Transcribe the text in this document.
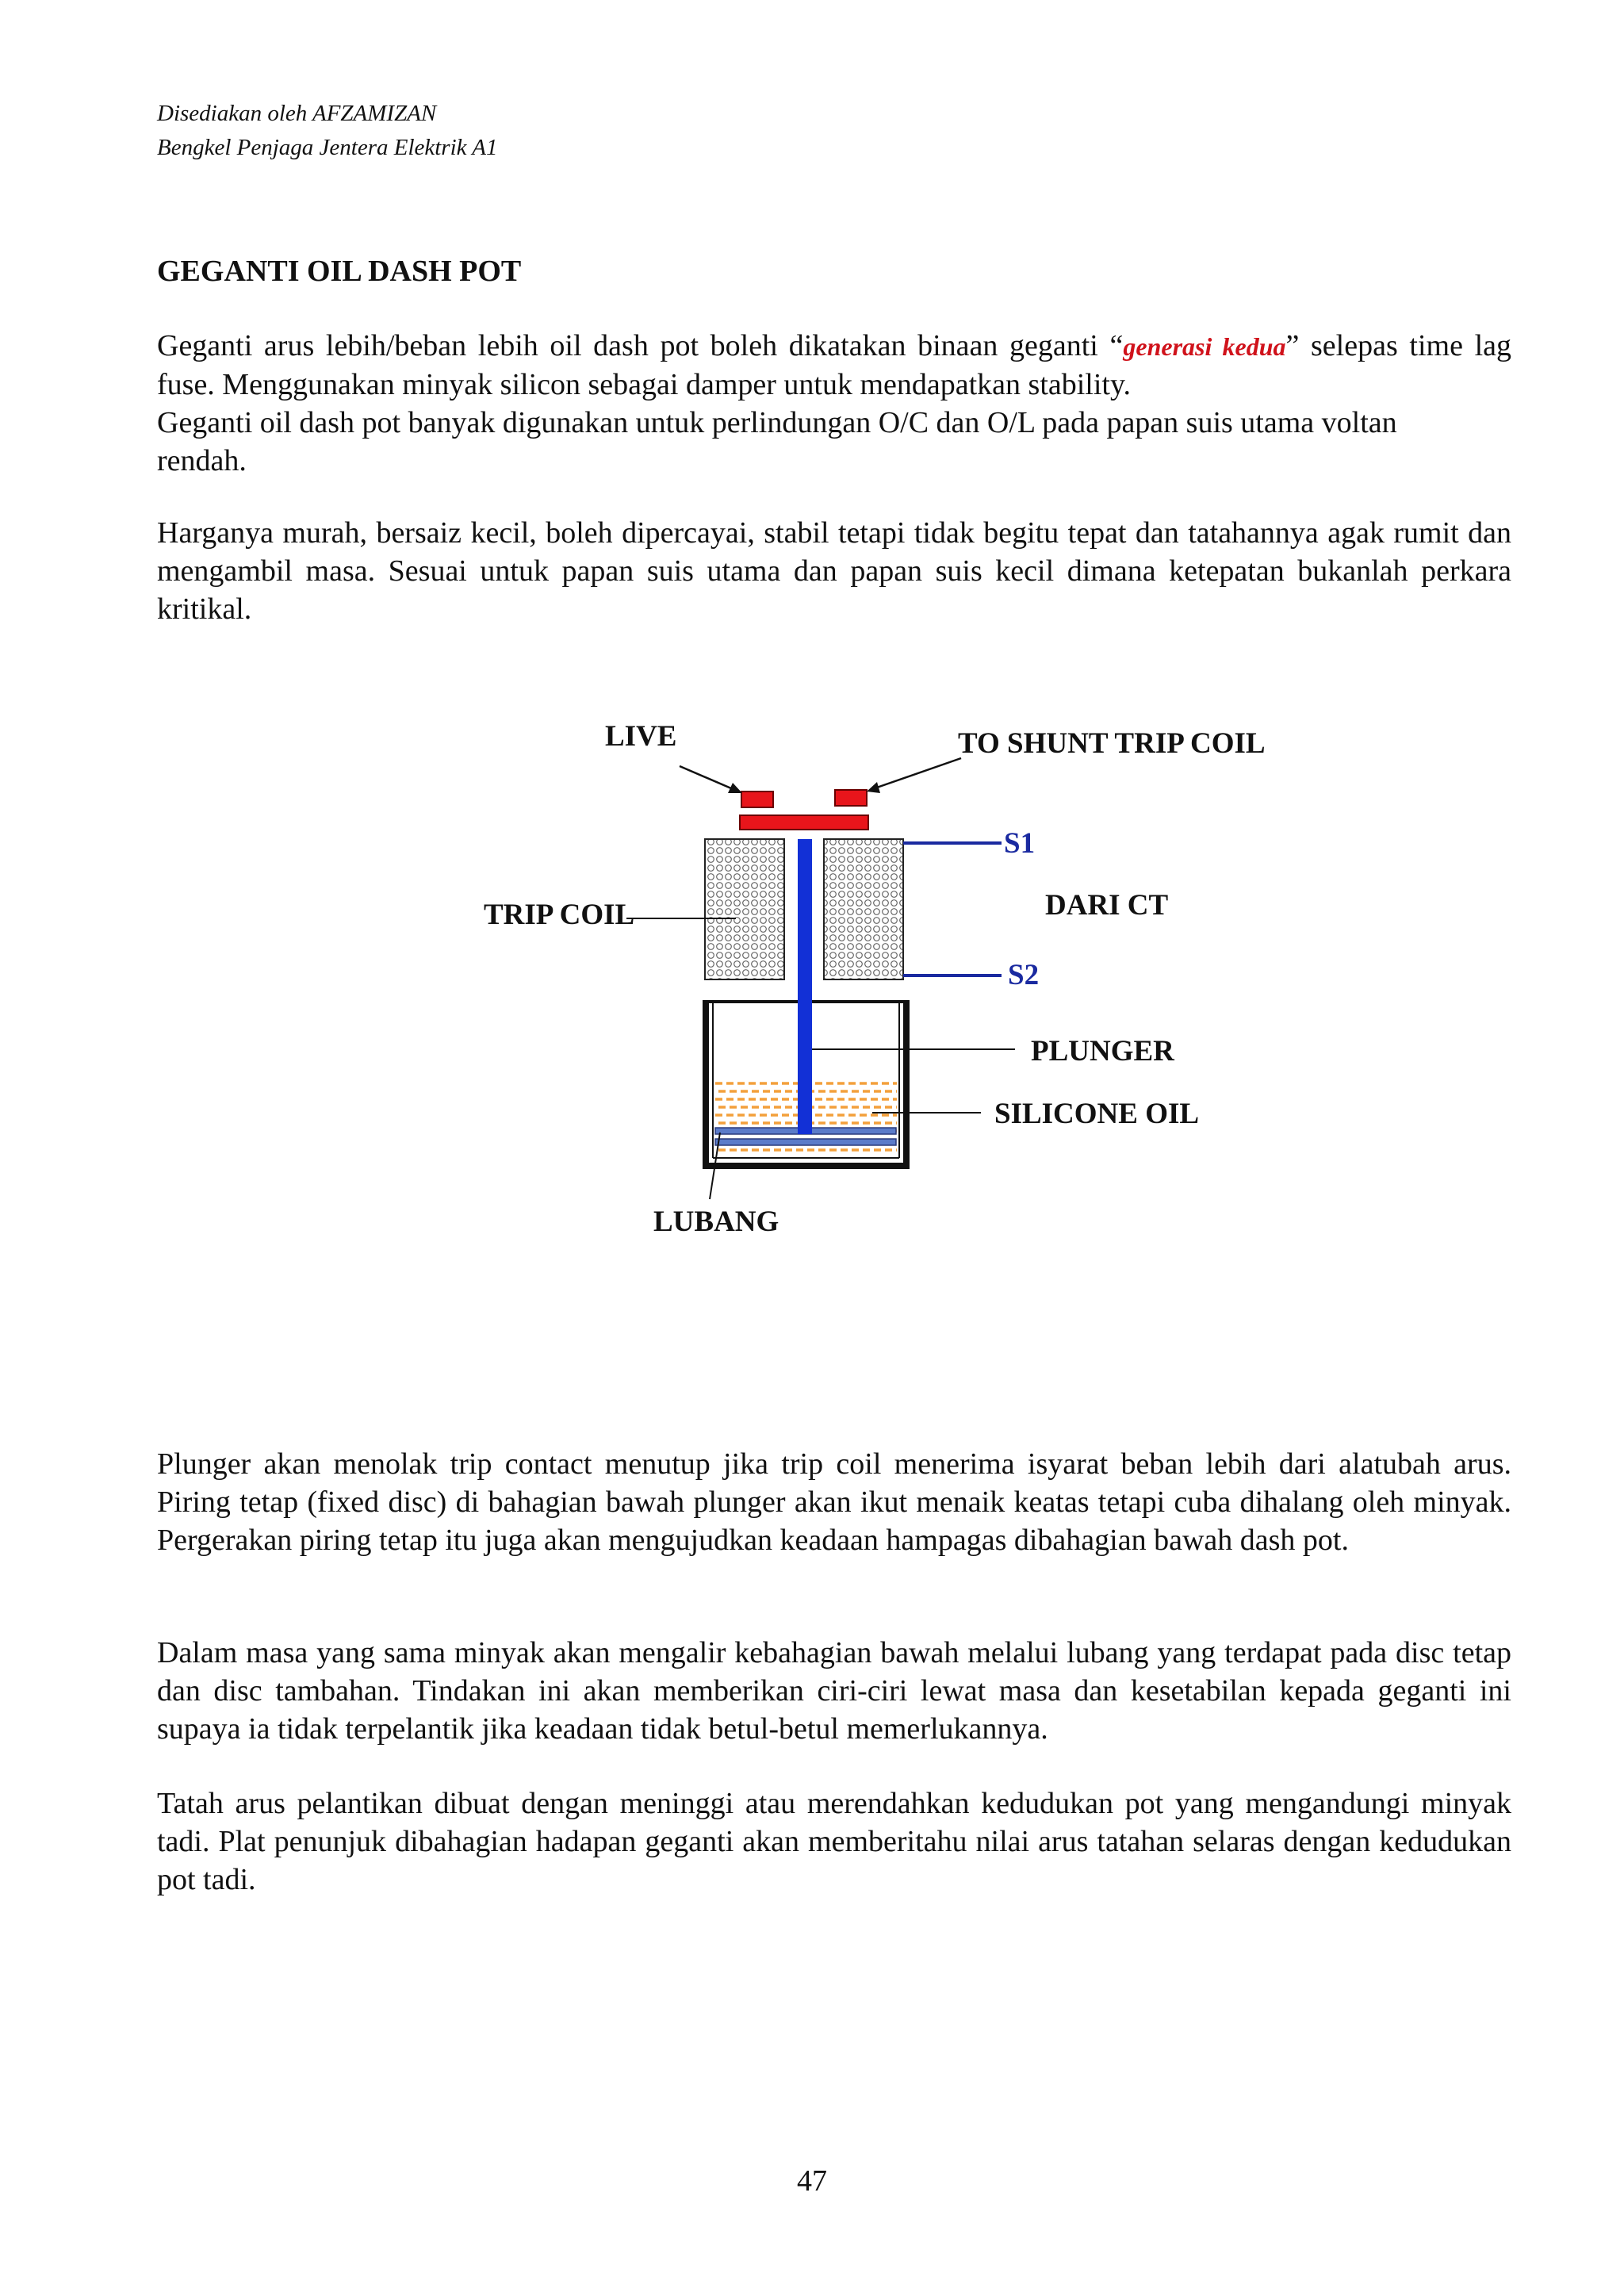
Disediakan oleh AFZAMIZAN
Bengkel Penjaga Jentera Elektrik A1
GEGANTI OIL DASH POT

Geganti arus lebih/beban lebih oil dash pot boleh dikatakan binaan geganti “generasi kedua” selepas time lag fuse. Menggunakan minyak silicon sebagai damper untuk mendapatkan stability.

Geganti oil dash pot banyak digunakan untuk perlindungan O/C dan O/L pada papan suis utama voltan rendah.

Harganya murah, bersaiz kecil, boleh dipercayai, stabil tetapi tidak begitu tepat dan tatahannya agak rumit dan mengambil masa. Sesuai untuk papan suis utama dan papan suis kecil dimana ketepatan bukanlah perkara kritikal.
LIVE	TO SHUNT TRIP COIL
S1
DARI CT
S2
TRIP COIL
PLUNGER
SILICONE OIL
LUBANG
Plunger akan menolak trip contact menutup jika trip coil menerima isyarat beban lebih dari alatubah arus. Piring tetap (fixed disc) di bahagian bawah plunger akan ikut menaik keatas tetapi cuba dihalang oleh minyak. Pergerakan piring tetap itu juga akan mengujudkan keadaan hampagas dibahagian bawah dash pot.
Dalam masa yang sama minyak akan mengalir kebahagian bawah melalui lubang yang terdapat pada disc tetap dan disc tambahan. Tindakan ini akan memberikan ciri-ciri lewat masa dan kesetabilan kepada geganti ini supaya ia tidak terpelantik jika keadaan tidak betul-betul memerlukannya.
Tatah arus pelantikan dibuat dengan meninggi atau merendahkan kedudukan pot yang mengandungi minyak tadi. Plat penunjuk dibahagian hadapan geganti akan memberitahu nilai arus tatahan selaras dengan kedudukan pot tadi.
47
